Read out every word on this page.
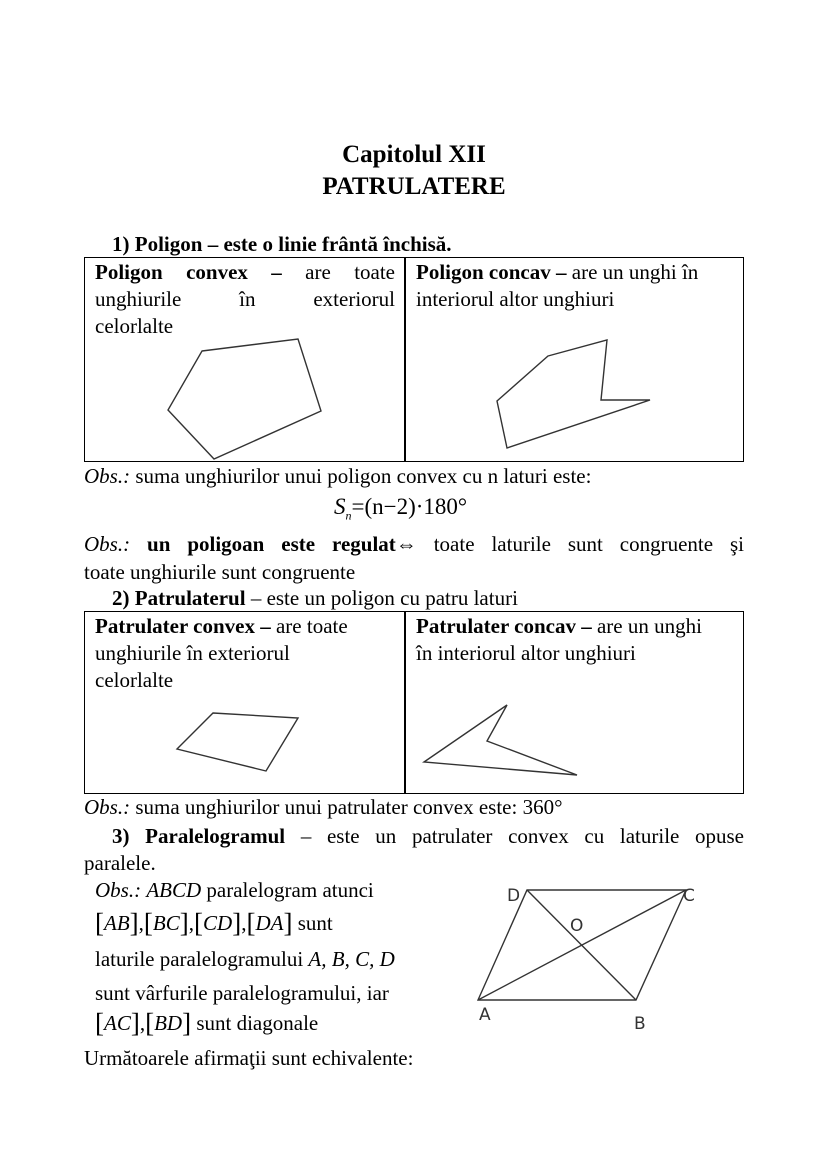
Capitolul XII
PATRULATERE
1) Poligon – este o linie frântă închisă.
Poligon convex – are toate
unghiurile în exteriorul
celorlalte
Poligon concav – are un unghi în
interiorul altor unghiuri
D	C
O
A	B
Obs.: suma unghiurilor unui poligon convex cu n laturi este:
$S_n=(n-2)\cdot 180^\circ$
Obs.: un poligoan este regulat⇔ toate laturile sunt congruente şi
toate unghiurile sunt congruente
2) Patrulaterul – este un poligon cu patru laturi
Patrulater convex – are toate
unghiurile în exteriorul
celorlalte
Patrulater concav – are un unghi
în interiorul altor unghiuri
Obs.: suma unghiurilor unui patrulater convex este: 360°
3) Paralelogramul – este un patrulater convex cu laturile opuse
paralele.
Obs.: ABCD paralelogram atunci
[AB],[BC],[CD],[DA] sunt
laturile paralelogramului A, B, C, D
sunt vârfurile paralelogramului, iar
[AC],[BD] sunt diagonale
Următoarele afirmaţii sunt echivalente:
